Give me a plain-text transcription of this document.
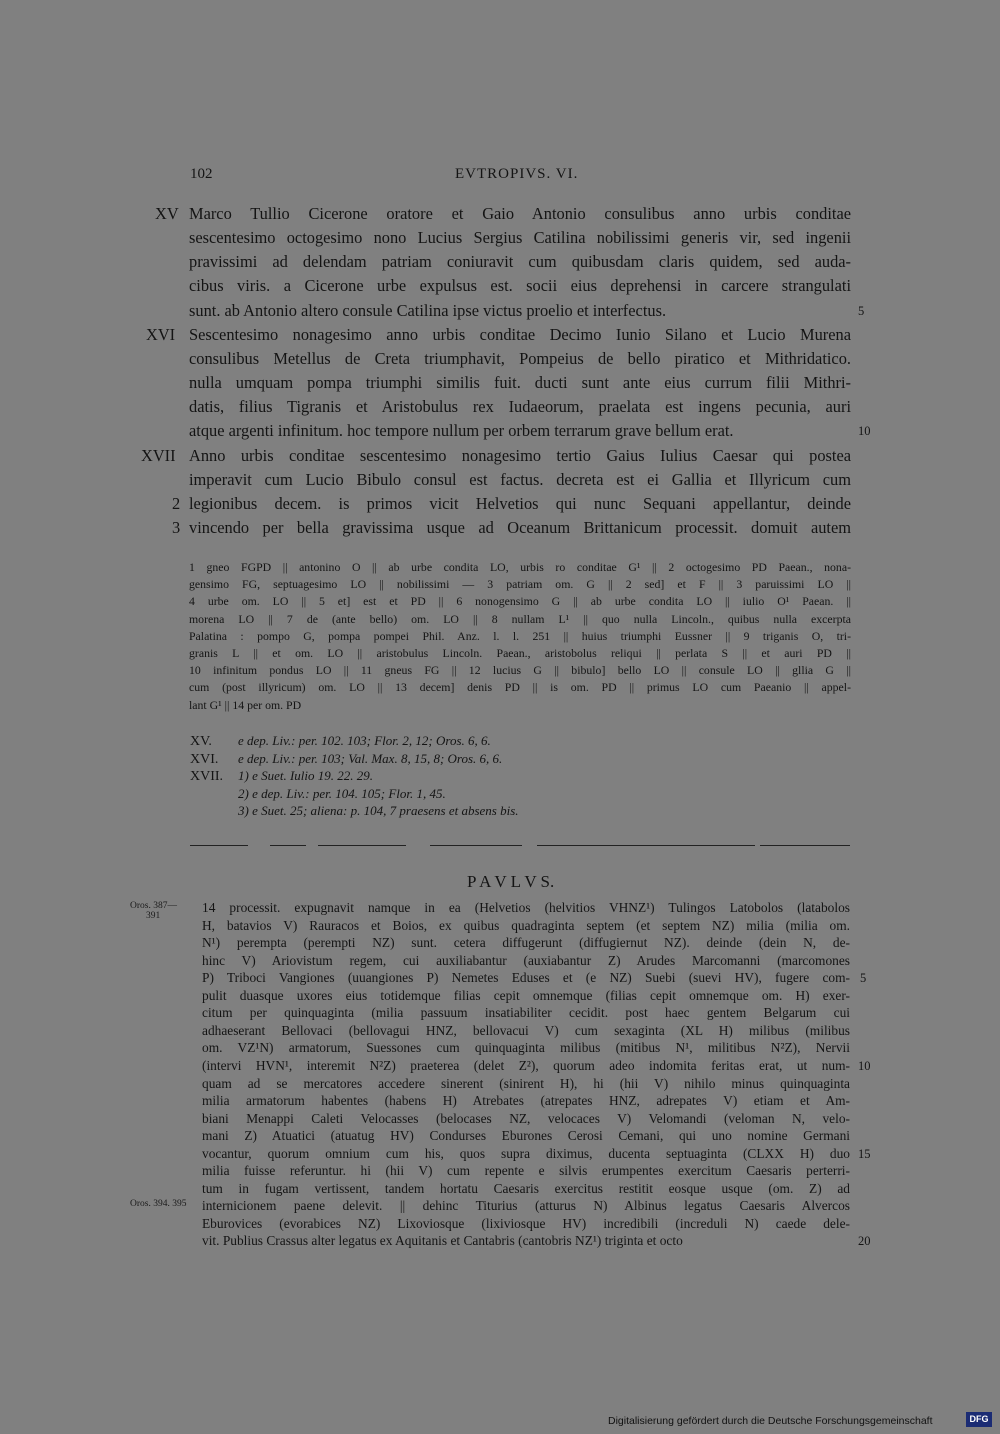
102	EVTROPIVS. VI.
Marco Tullio Cicerone oratore et Gaio Antonio consulibus anno urbis conditae
sescentesimo octogesimo nono Lucius Sergius Catilina nobilissimi generis vir, sed ingenii
pravissimi ad delendam patriam coniuravit cum quibusdam claris quidem, sed auda-
cibus viris. a Cicerone urbe expulsus est. socii eius deprehensi in carcere strangulati
sunt. ab Antonio altero consule Catilina ipse victus proelio et interfectus.
Sescentesimo nonagesimo anno urbis conditae Decimo Iunio Silano et Lucio Murena
consulibus Metellus de Creta triumphavit, Pompeius de bello piratico et Mithridatico.
nulla umquam pompa triumphi similis fuit. ducti sunt ante eius currum filii Mithri-
datis, filius Tigranis et Aristobulus rex Iudaeorum, praelata est ingens pecunia, auri
atque argenti infinitum. hoc tempore nullum per orbem terrarum grave bellum erat.
Anno urbis conditae sescentesimo nonagesimo tertio Gaius Iulius Caesar qui postea
imperavit cum Lucio Bibulo consul est factus. decreta est ei Gallia et Illyricum cum
legionibus decem. is primos vicit Helvetios qui nunc Sequani appellantur, deinde
vincendo per bella gravissima usque ad Oceanum Brittanicum processit. domuit autem
XV
XVI
XVII
5
10
2
3
1 gneo FGPD || antonino O || ab urbe condita LO, urbis ro conditae G¹ || 2 octogesimo PD Paean., nona-
gensimo FG, septuagesimo LO || nobilissimi — 3 patriam om. G || 2 sed] et F || 3 paruissimi LO ||
4 urbe om. LO || 5 et] est et PD || 6 nonogensimo G || ab urbe condita LO || iulio O¹ Paean. ||
morena LO || 7 de (ante bello) om. LO || 8 nullam L¹ || quo nulla Lincoln., quibus nulla excerpta
Palatina : pompo G, pompa pompei Phil. Anz. l. l. 251 || huius triumphi Eussner || 9 triganis O, tri-
granis L || et om. LO || aristobulus Lincoln. Paean., aristobolus reliqui || perlata S || et auri PD ||
10 infinitum pondus LO || 11 gneus FG || 12 lucius G || bibulo] bello LO || consule LO || gllia G ||
cum (post illyricum) om. LO || 13 decem] denis PD || is om. PD || primus LO cum Paeanio || appel-
lant G¹ || 14 per om. PD
XV. e dep. Liv.: per. 102. 103; Flor. 2, 12; Oros. 6, 6.
XVI. e dep. Liv.: per. 103; Val. Max. 8, 15, 8; Oros. 6, 6.
XVII. 1) e Suet. Iulio 19. 22. 29.
2) e dep. Liv.: per. 104. 105; Flor. 1, 45.
3) e Suet. 25; aliena: p. 104, 7 praesens et absens bis.
P A V L V S.
14 processit. expugnavit namque in ea (Helvetios (helvitios VHNZ¹) Tulingos Latobolos (latabolos
H, batavios V) Rauracos et Boios, ex quibus quadraginta septem (et septem NZ) milia (milia om.
N¹) perempta (perempti NZ) sunt. cetera diffugerunt (diffugiernut NZ). deinde (dein N, de-
hinc V) Ariovistum regem, cui auxiliabantur (auxiabantur Z) Arudes Marcomanni (marcomones
P) Triboci Vangiones (uuangiones P) Nemetes Eduses et (e NZ) Suebi (suevi HV), fugere com-
pulit duasque uxores eius totidemque filias cepit omnemque (filias cepit omnemque om. H) exer-
citum per quinquaginta (milia passuum insatiabiliter cecidit. post haec gentem Belgarum cui
adhaeserant Bellovaci (bellovagui HNZ, bellovacui V) cum sexaginta (XL H) milibus (milibus
om. VZ¹N) armatorum, Suessones cum quinquaginta milibus (mitibus N¹, militibus N²Z), Nervii
(intervi HVN¹, interemit N²Z) praeterea (delet Z²), quorum adeo indomita feritas erat, ut num-
quam ad se mercatores accedere sinerent (sinirent H), hi (hii V) nihilo minus quinquaginta
milia armatorum habentes (habens H) Atrebates (atrepates HNZ, adrepates V) etiam et Am-
biani Menappi Caleti Velocasses (belocases NZ, velocaces V) Velomandi (veloman N, velo-
mani Z) Atuatici (atuatug HV) Condurses Eburones Cerosi Cemani, qui uno nomine Germani
vocantur, quorum omnium cum his, quos supra diximus, ducenta septuaginta (CLXX H) duo
milia fuisse referuntur. hi (hii V) cum repente e silvis erumpentes exercitum Caesaris perterri-
tum in fugam vertissent, tandem hortatu Caesaris exercitus restitit eosque usque (om. Z) ad
internicionem paene delevit. || dehinc Titurius (atturus N) Albinus legatus Caesaris Alvercos
Eburovices (evorabices NZ) Lixoviosque (lixiviosque HV) incredibili (increduli N) caede dele-
vit. Publius Crassus alter legatus ex Aquitanis et Cantabris (cantobris NZ¹) triginta et octo
5
10
15
20
Oros. 387—
391
Oros. 394. 395
Digitalisierung gefördert durch die Deutsche Forschungsgemeinschaft	DFG
